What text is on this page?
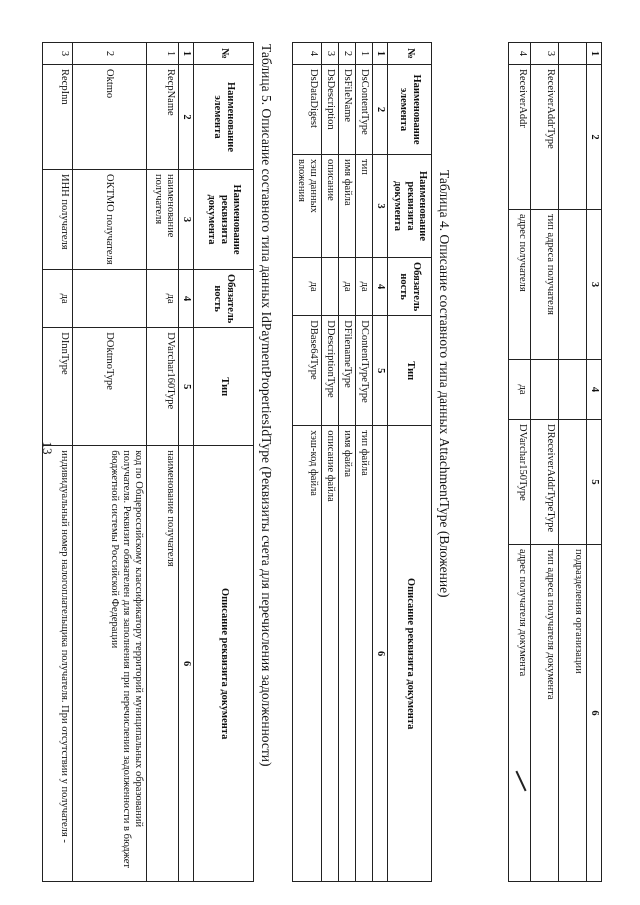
13
1	2	3	4	5	6
					подразделения организации
3	ReceiverAddrType	тип адреса получателя		DReceiverAddrTypeType	тип адреса получателя документа
4	ReceiverAddr	адрес получателя	да	DVarchar150Type	адрес получателя документа
Таблица 4. Описание составного типа данных AttachmentType (Вложение)
№	Наименование элемента	Наименование реквизита документа	Обязатель ность	Тип	Описание реквизита документа
1	2	3	4	5	6
1	DsContentType	тип	да	DContentTypeType	тип файла
2	DsFileName	имя файла	да	DFilenameType	имя файла
3	DsDescription	описание		DDescriptionType	описание файла
4	DsDataDigest	хэш данных вложения	да	DBase64Type	хэш-код файла
Таблица 5. Описание составного типа данных IdPaymentPropertiesIdType (Реквизиты счета для перечисления задолженности)
№	Наименование элемента	Наименование реквизита документа	Обязатель ность	Тип	Описание реквизита документа
1	2	3	4	5	6
1	RecpName	наименование получателя	да	DVarchar160Type	наименование получателя
2	Oktmo	ОКТМО получателя		DOktmoType	код по Общероссийскому классификатору территорий муниципальных образований получателя. Реквизит обязателен для заполнения при перечислении задолженности в бюджет бюджетной системы Российской Федерации
3	RecpInn	ИНН получателя	да	DInnType	индивидуальный номер налогоплательщика получателя. При отсутствии у получателя -
